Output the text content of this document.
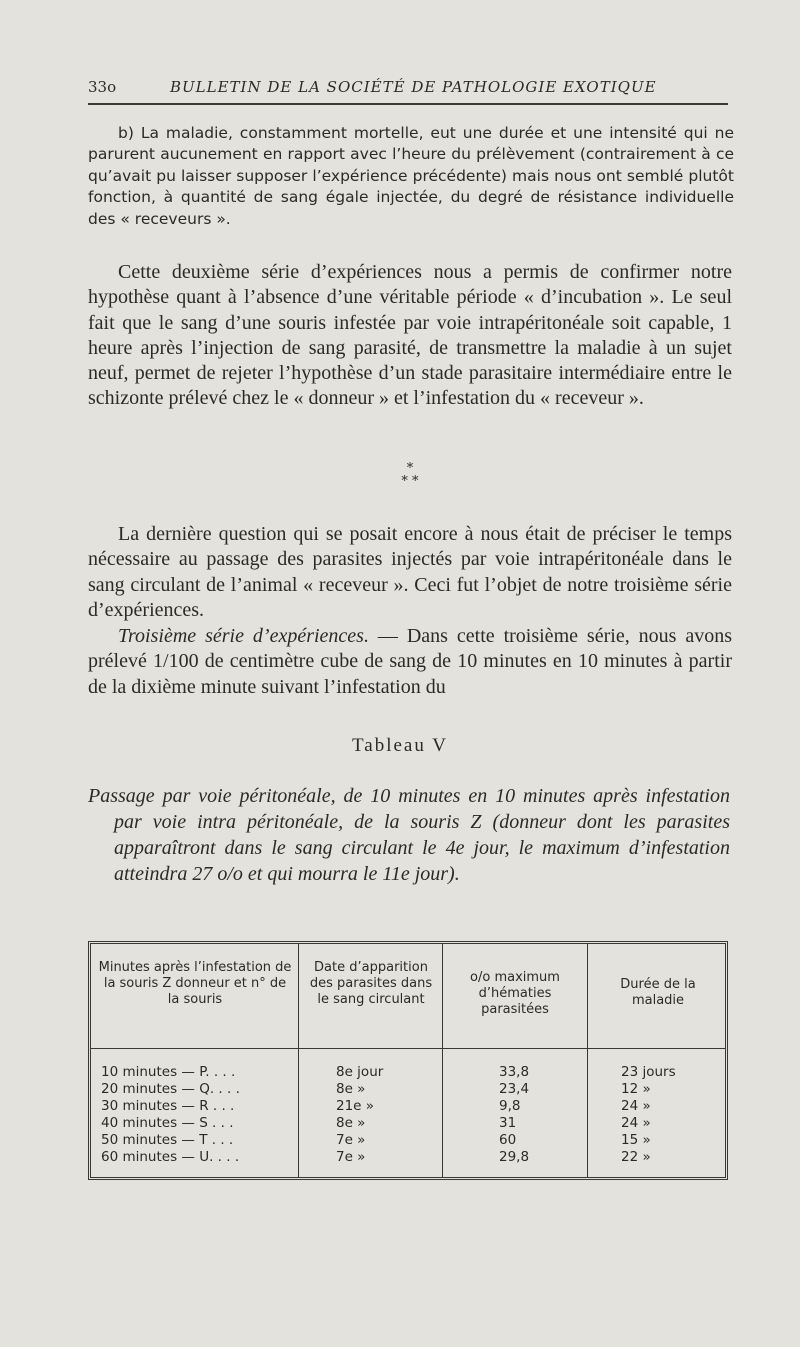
33o	BULLETIN DE LA SOCIÉTÉ DE PATHOLOGIE EXOTIQUE

b) La maladie, constamment mortelle, eut une durée et une intensité qui ne parurent aucunement en rapport avec l’heure du prélèvement (contrairement à ce qu’avait pu laisser supposer l’expérience précédente) mais nous ont semblé plutôt fonction, à quantité de sang égale injectée, du degré de résistance individuelle des « receveurs ».

Cette deuxième série d’expériences nous a permis de confirmer notre hypothèse quant à l’absence d’une véritable période « d’incubation ». Le seul fait que le sang d’une souris infestée par voie intrapéritonéale soit capable, 1 heure après l’injection de sang parasité, de transmettre la maladie à un sujet neuf, permet de rejeter l’hypothèse d’un stade parasitaire intermédiaire entre le schizonte prélevé chez le « donneur » et l’infestation du « receveur ».

*
* *

La dernière question qui se posait encore à nous était de préciser le temps nécessaire au passage des parasites injectés par voie intrapéritonéale dans le sang circulant de l’animal « receveur ». Ceci fut l’objet de notre troisième série d’expériences.

Troisième série d’expériences. — Dans cette troisième série, nous avons prélevé 1/100 de centimètre cube de sang de 10 minutes en 10 minutes à partir de la dixième minute suivant l’infestation du

Tableau V

Passage par voie péritonéale, de 10 minutes en 10 minutes après infestation par voie intra péritonéale, de la souris Z (donneur dont les parasites apparaîtront dans le sang circulant le 4e jour, le maximum d’infestation atteindra 27 o/o et qui mourra le 11e jour).

Minutes après l’infestation de la souris Z donneur et n° de la souris
Date d’apparition des parasites dans le sang circulant
o/o maximum d’hématies parasitées
Durée de la maladie
10 minutes — P. . . .	8e jour	33,8	23 jours
20 minutes — Q. . . .	8e »	23,4	12 »
30 minutes — R . . .	21e »	9,8	24 »
40 minutes — S . . .	8e »	31	24 »
50 minutes — T . . .	7e »	60	15 »
60 minutes — U. . . .	7e »	29,8	22 »
